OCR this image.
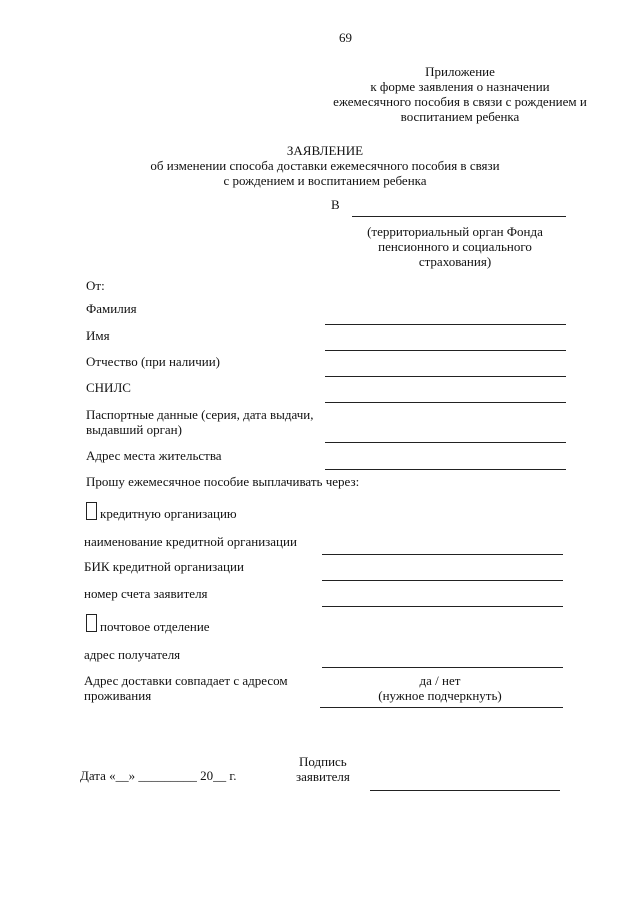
69
Приложение
к форме заявления о назначении
ежемесячного пособия в связи с рождением и
воспитанием ребенка
ЗАЯВЛЕНИЕ
об изменении способа доставки ежемесячного пособия в связи
с рождением и воспитанием ребенка
В
(территориальный орган Фонда
пенсионного и социального
страхования)
От:
Фамилия
Имя
Отчество (при наличии)
СНИЛС
Паспортные данные (серия, дата выдачи,
выдавший орган)
Адрес места жительства
Прошу ежемесячное пособие выплачивать через:
кредитную организацию
наименование кредитной организации
БИК кредитной организации
номер счета заявителя
почтовое отделение
адрес получателя
Адрес доставки совпадает с адресом
проживания
да / нет
(нужное подчеркнуть)
Дата «__» _________ 20__ г.
Подпись
заявителя
